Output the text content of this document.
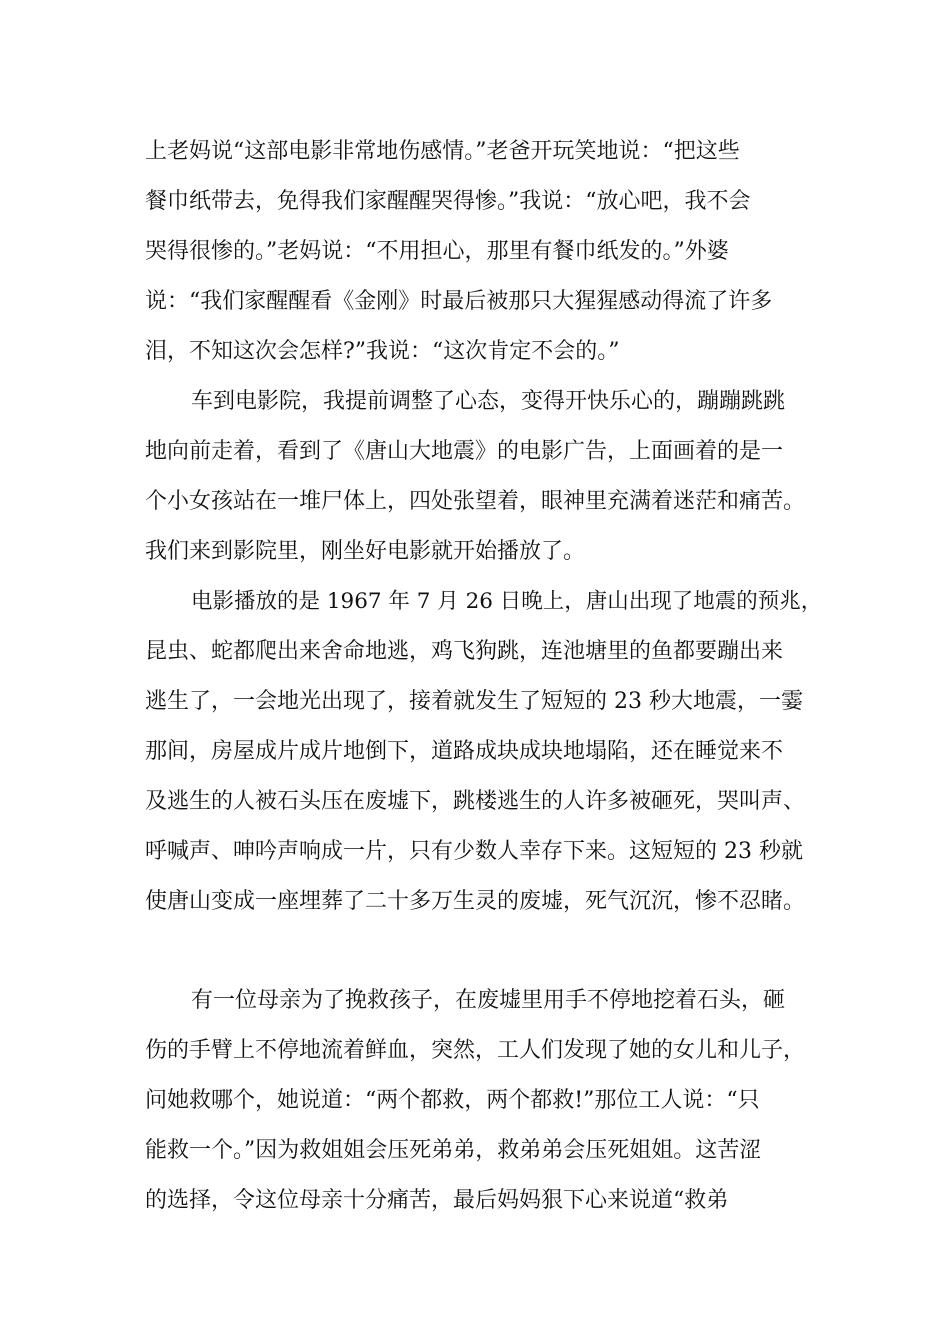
上老妈说“这部电影非常地伤感情。”老爸开玩笑地说：“把这些

餐巾纸带去，免得我们家醒醒哭得惨。”我说：“放心吧，我不会

哭得很惨的。”老妈说：“不用担心，那里有餐巾纸发的。”外婆

说：“我们家醒醒看《金刚》时最后被那只大猩猩感动得流了许多

泪，不知这次会怎样?”我说：“这次肯定不会的。”

车到电影院，我提前调整了心态，变得开快乐心的，蹦蹦跳跳

地向前走着，看到了《唐山大地震》的电影广告，上面画着的是一

个小女孩站在一堆尸体上，四处张望着，眼神里充满着迷茫和痛苦。

我们来到影院里，刚坐好电影就开始播放了。

电影播放的是 1967 年 7 月 26 日晚上，唐山出现了地震的预兆，

昆虫、蛇都爬出来舍命地逃，鸡飞狗跳，连池塘里的鱼都要蹦出来

逃生了，一会地光出现了，接着就发生了短短的 23 秒大地震，一霎

那间，房屋成片成片地倒下，道路成块成块地塌陷，还在睡觉来不

及逃生的人被石头压在废墟下，跳楼逃生的人许多被砸死，哭叫声、

呼喊声、呻吟声响成一片，只有少数人幸存下来。这短短的 23 秒就

使唐山变成一座埋葬了二十多万生灵的废墟，死气沉沉，惨不忍睹。

有一位母亲为了挽救孩子，在废墟里用手不停地挖着石头，砸

伤的手臂上不停地流着鲜血，突然，工人们发现了她的女儿和儿子，

问她救哪个，她说道：“两个都救，两个都救!”那位工人说：“只

能救一个。”因为救姐姐会压死弟弟，救弟弟会压死姐姐。这苦涩

的选择，令这位母亲十分痛苦，最后妈妈狠下心来说道“救弟
